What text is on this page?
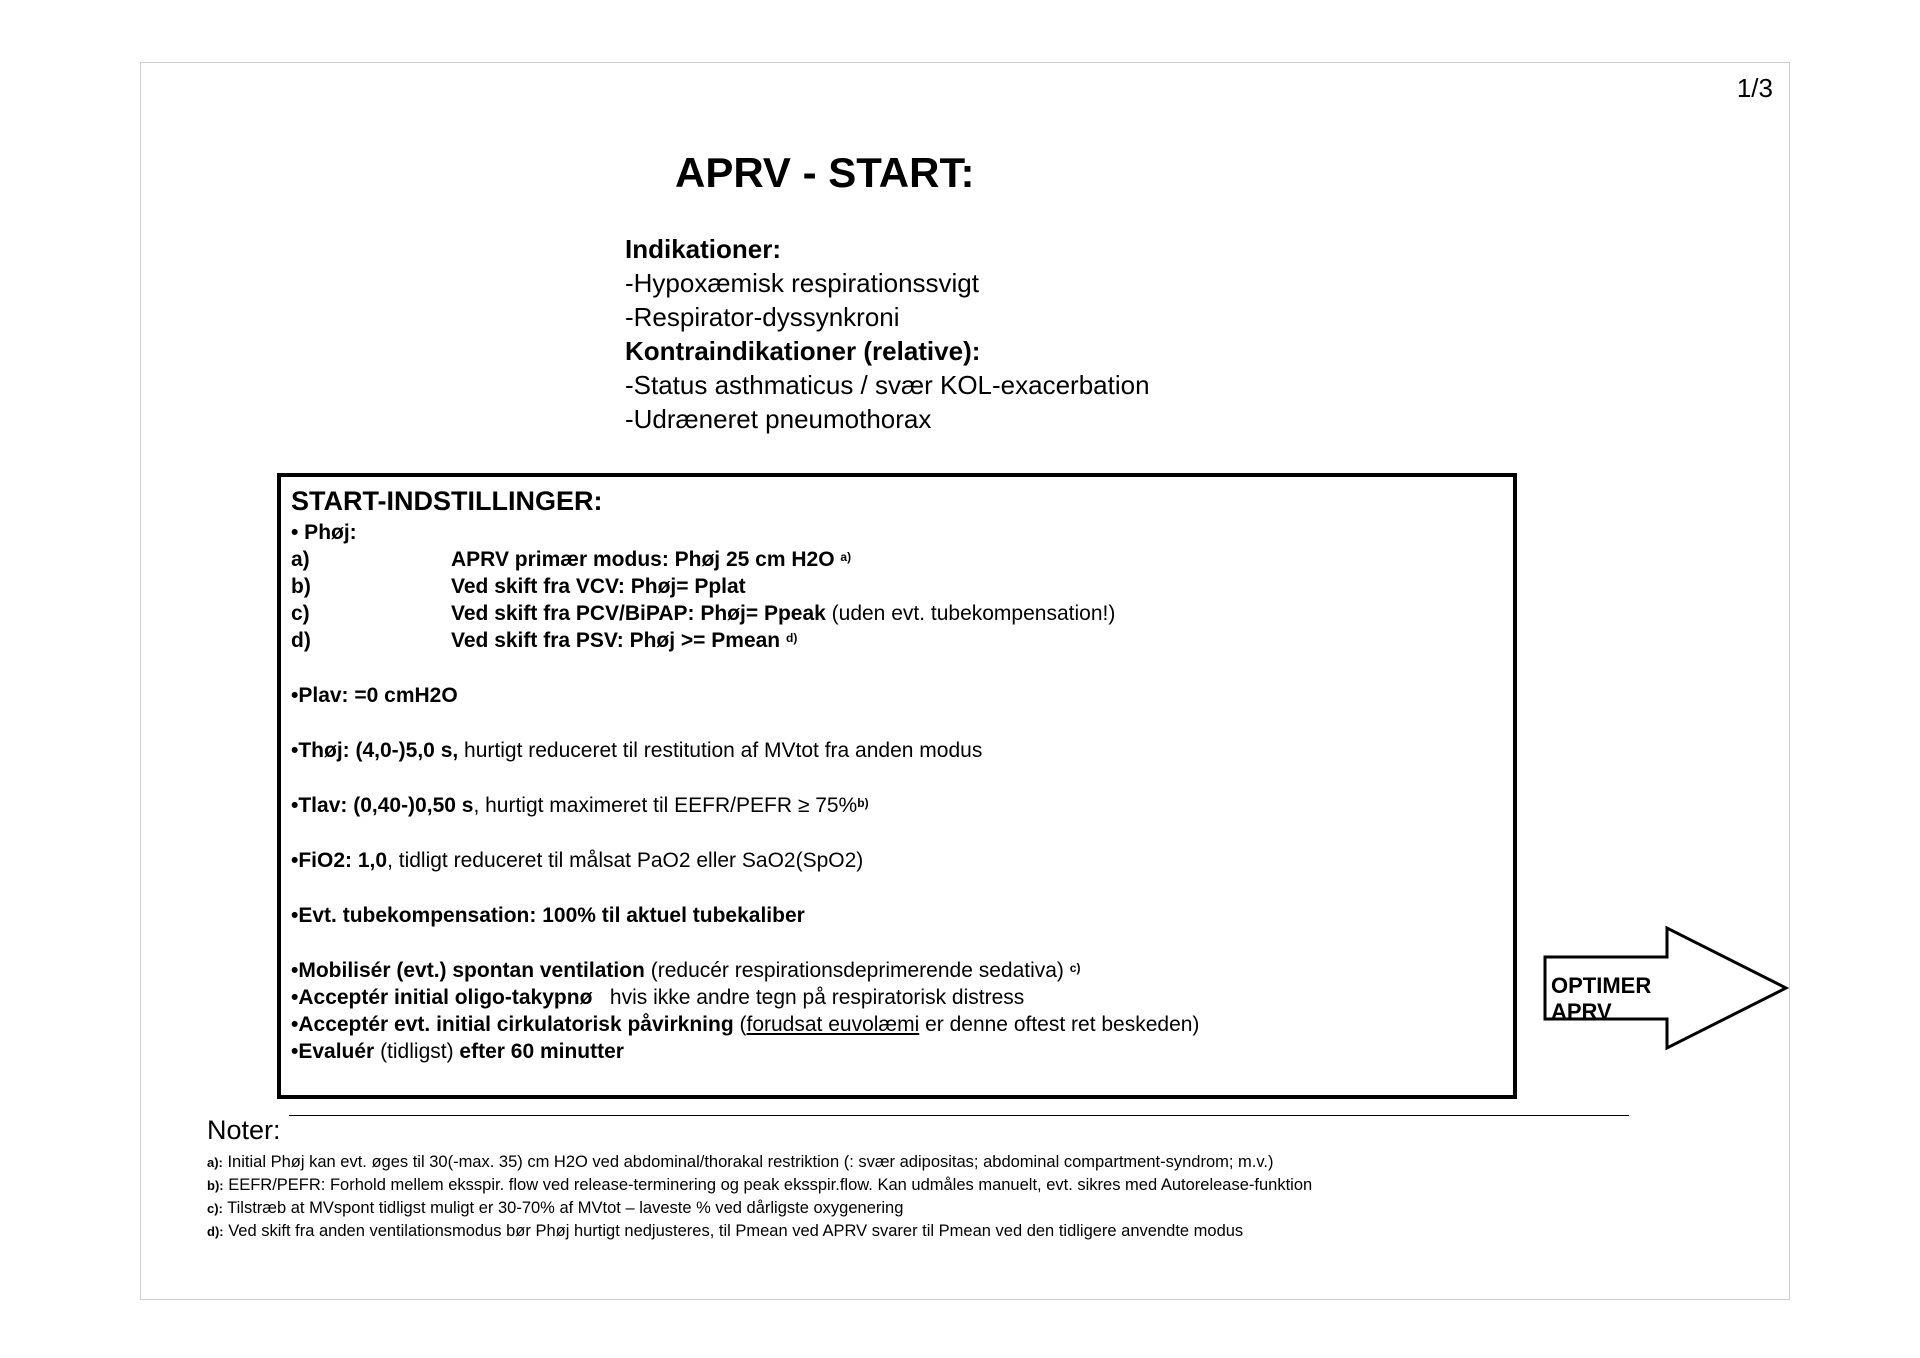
1/3
APRV - START:
Indikationer:
-Hypoxæmisk respirationssvigt
-Respirator-dyssynkroni
Kontraindikationer (relative):
-Status asthmaticus / svær KOL-exacerbation
-Udræneret pneumothorax
START-INDSTILLINGER:
• Phøj:
a)	APRV primær modus: Phøj 25 cm H2O $^{a)}$
b)	Ved skift fra VCV: Phøj= Pplat
c)	Ved skift fra PCV/BiPAP: Phøj= Ppeak (uden evt. tubekompensation!)
d)	Ved skift fra PSV: Phøj >= Pmean $^{d)}$
•Plav: =0 cmH2O
•Thøj: (4,0-)5,0 s, hurtigt reduceret til restitution af MVtot fra anden modus
•Tlav: (0,40-)0,50 s, hurtigt maximeret til EEFR/PEFR ≥ 75%$^{b)}$
•FiO2: 1,0, tidligt reduceret til målsat PaO2 eller SaO2(SpO2)
•Evt. tubekompensation: 100% til aktuel tubekaliber
•Mobilisér (evt.) spontan ventilation (reducér respirationsdeprimerende sedativa) $^{c)}$
•Acceptér initial oligo-takypnø   hvis ikke andre tegn på respiratorisk distress
•Acceptér evt. initial cirkulatorisk påvirkning (forudsat euvolæmi er denne oftest ret beskeden)
•Evaluér (tidligst) efter 60 minutter
OPTIMER APRV
Noter:
a): Initial Phøj kan evt. øges til 30(-max. 35) cm H2O ved abdominal/thorakal restriktion (: svær adipositas; abdominal compartment-syndrom; m.v.)
b): EEFR/PEFR: Forhold mellem eksspir. flow ved release-terminering og peak eksspir.flow. Kan udmåles manuelt, evt. sikres med Autorelease-funktion
c): Tilstræb at MVspont tidligst muligt er 30-70% af MVtot – laveste % ved dårligste oxygenering
d): Ved skift fra anden ventilationsmodus bør Phøj hurtigt nedjusteres, til Pmean ved APRV svarer til Pmean ved den tidligere anvendte modus
